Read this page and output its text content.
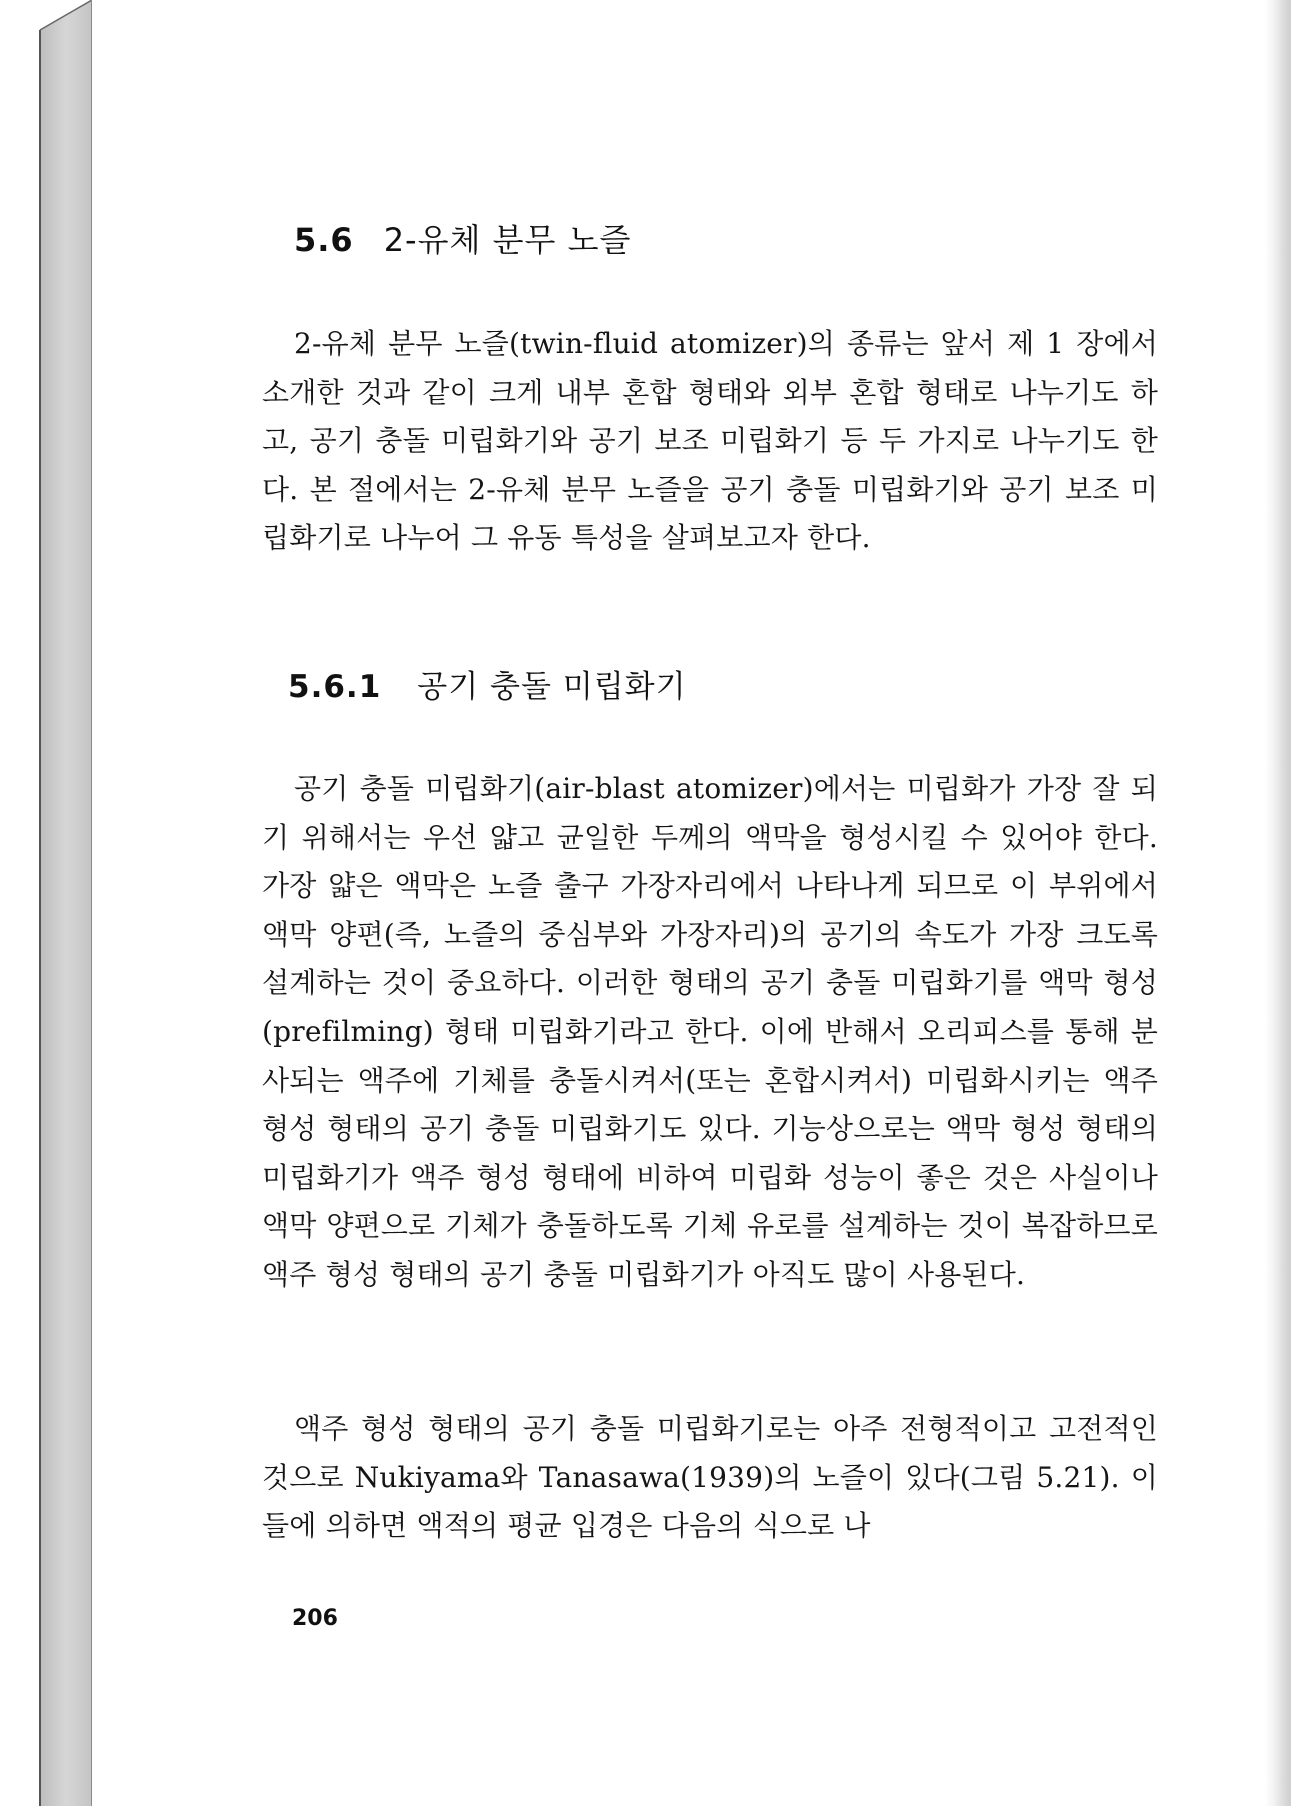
5.6 2-유체 분무 노즐

2-유체 분무 노즐(twin-fluid atomizer)의 종류는 앞서 제 1 장에서 소개한 것과 같이 크게 내부 혼합 형태와 외부 혼합 형태로 나누기도 하고, 공기 충돌 미립화기와 공기 보조 미립화기 등 두 가지로 나누기도 한다. 본 절에서는 2-유체 분무 노즐을 공기 충돌 미립화기와 공기 보조 미립화기로 나누어 그 유동 특성을 살펴보고자 한다.

5.6.1 공기 충돌 미립화기

공기 충돌 미립화기(air-blast atomizer)에서는 미립화가 가장 잘 되기 위해서는 우선 얇고 균일한 두께의 액막을 형성시킬 수 있어야 한다. 가장 얇은 액막은 노즐 출구 가장자리에서 나타나게 되므로 이 부위에서 액막 양편(즉, 노즐의 중심부와 가장자리)의 공기의 속도가 가장 크도록 설계하는 것이 중요하다. 이러한 형태의 공기 충돌 미립화기를 액막 형성(prefilming) 형태 미립화기라고 한다. 이에 반해서 오리피스를 통해 분사되는 액주에 기체를 충돌시켜서(또는 혼합시켜서) 미립화시키는 액주 형성 형태의 공기 충돌 미립화기도 있다. 기능상으로는 액막 형성 형태의 미립화기가 액주 형성 형태에 비하여 미립화 성능이 좋은 것은 사실이나 액막 양편으로 기체가 충돌하도록 기체 유로를 설계하는 것이 복잡하므로 액주 형성 형태의 공기 충돌 미립화기가 아직도 많이 사용된다.

액주 형성 형태의 공기 충돌 미립화기로는 아주 전형적이고 고전적인 것으로 Nukiyama와 Tanasawa(1939)의 노즐이 있다(그림 5.21). 이들에 의하면 액적의 평균 입경은 다음의 식으로 나

206
